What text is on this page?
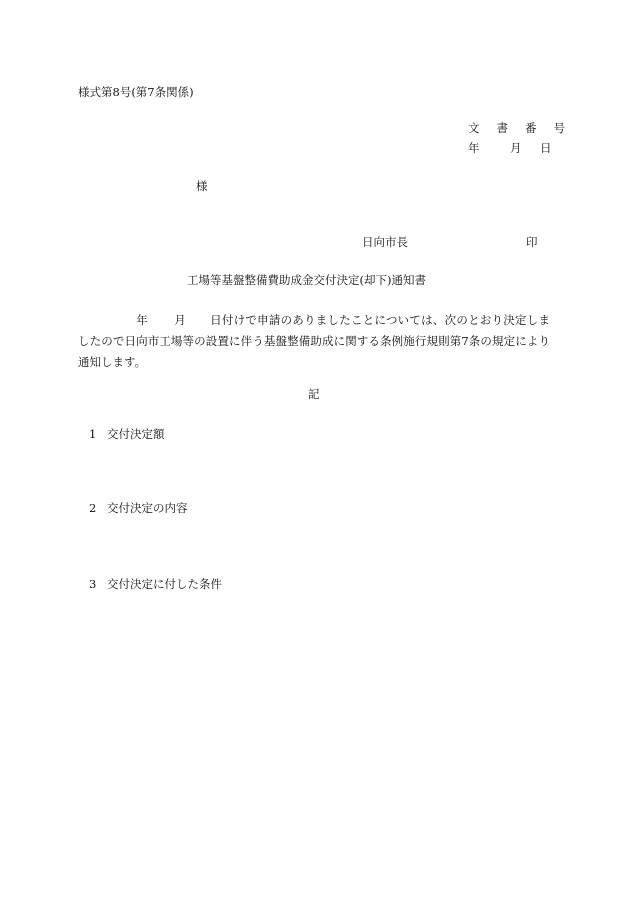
様式第8号(第7条関係)
文 書 番 号
年	月	日
様
日向市長	印
工場等基盤整備費助成金交付決定(却下)通知書
年 月 日付けで申請のありましたことについては、次のとおり決定しましたので日向市工場等の設置に伴う基盤整備助成に関する条例施行規則第7条の規定により通知します。
記
1 交付決定額
2 交付決定の内容
3 交付決定に付した条件
